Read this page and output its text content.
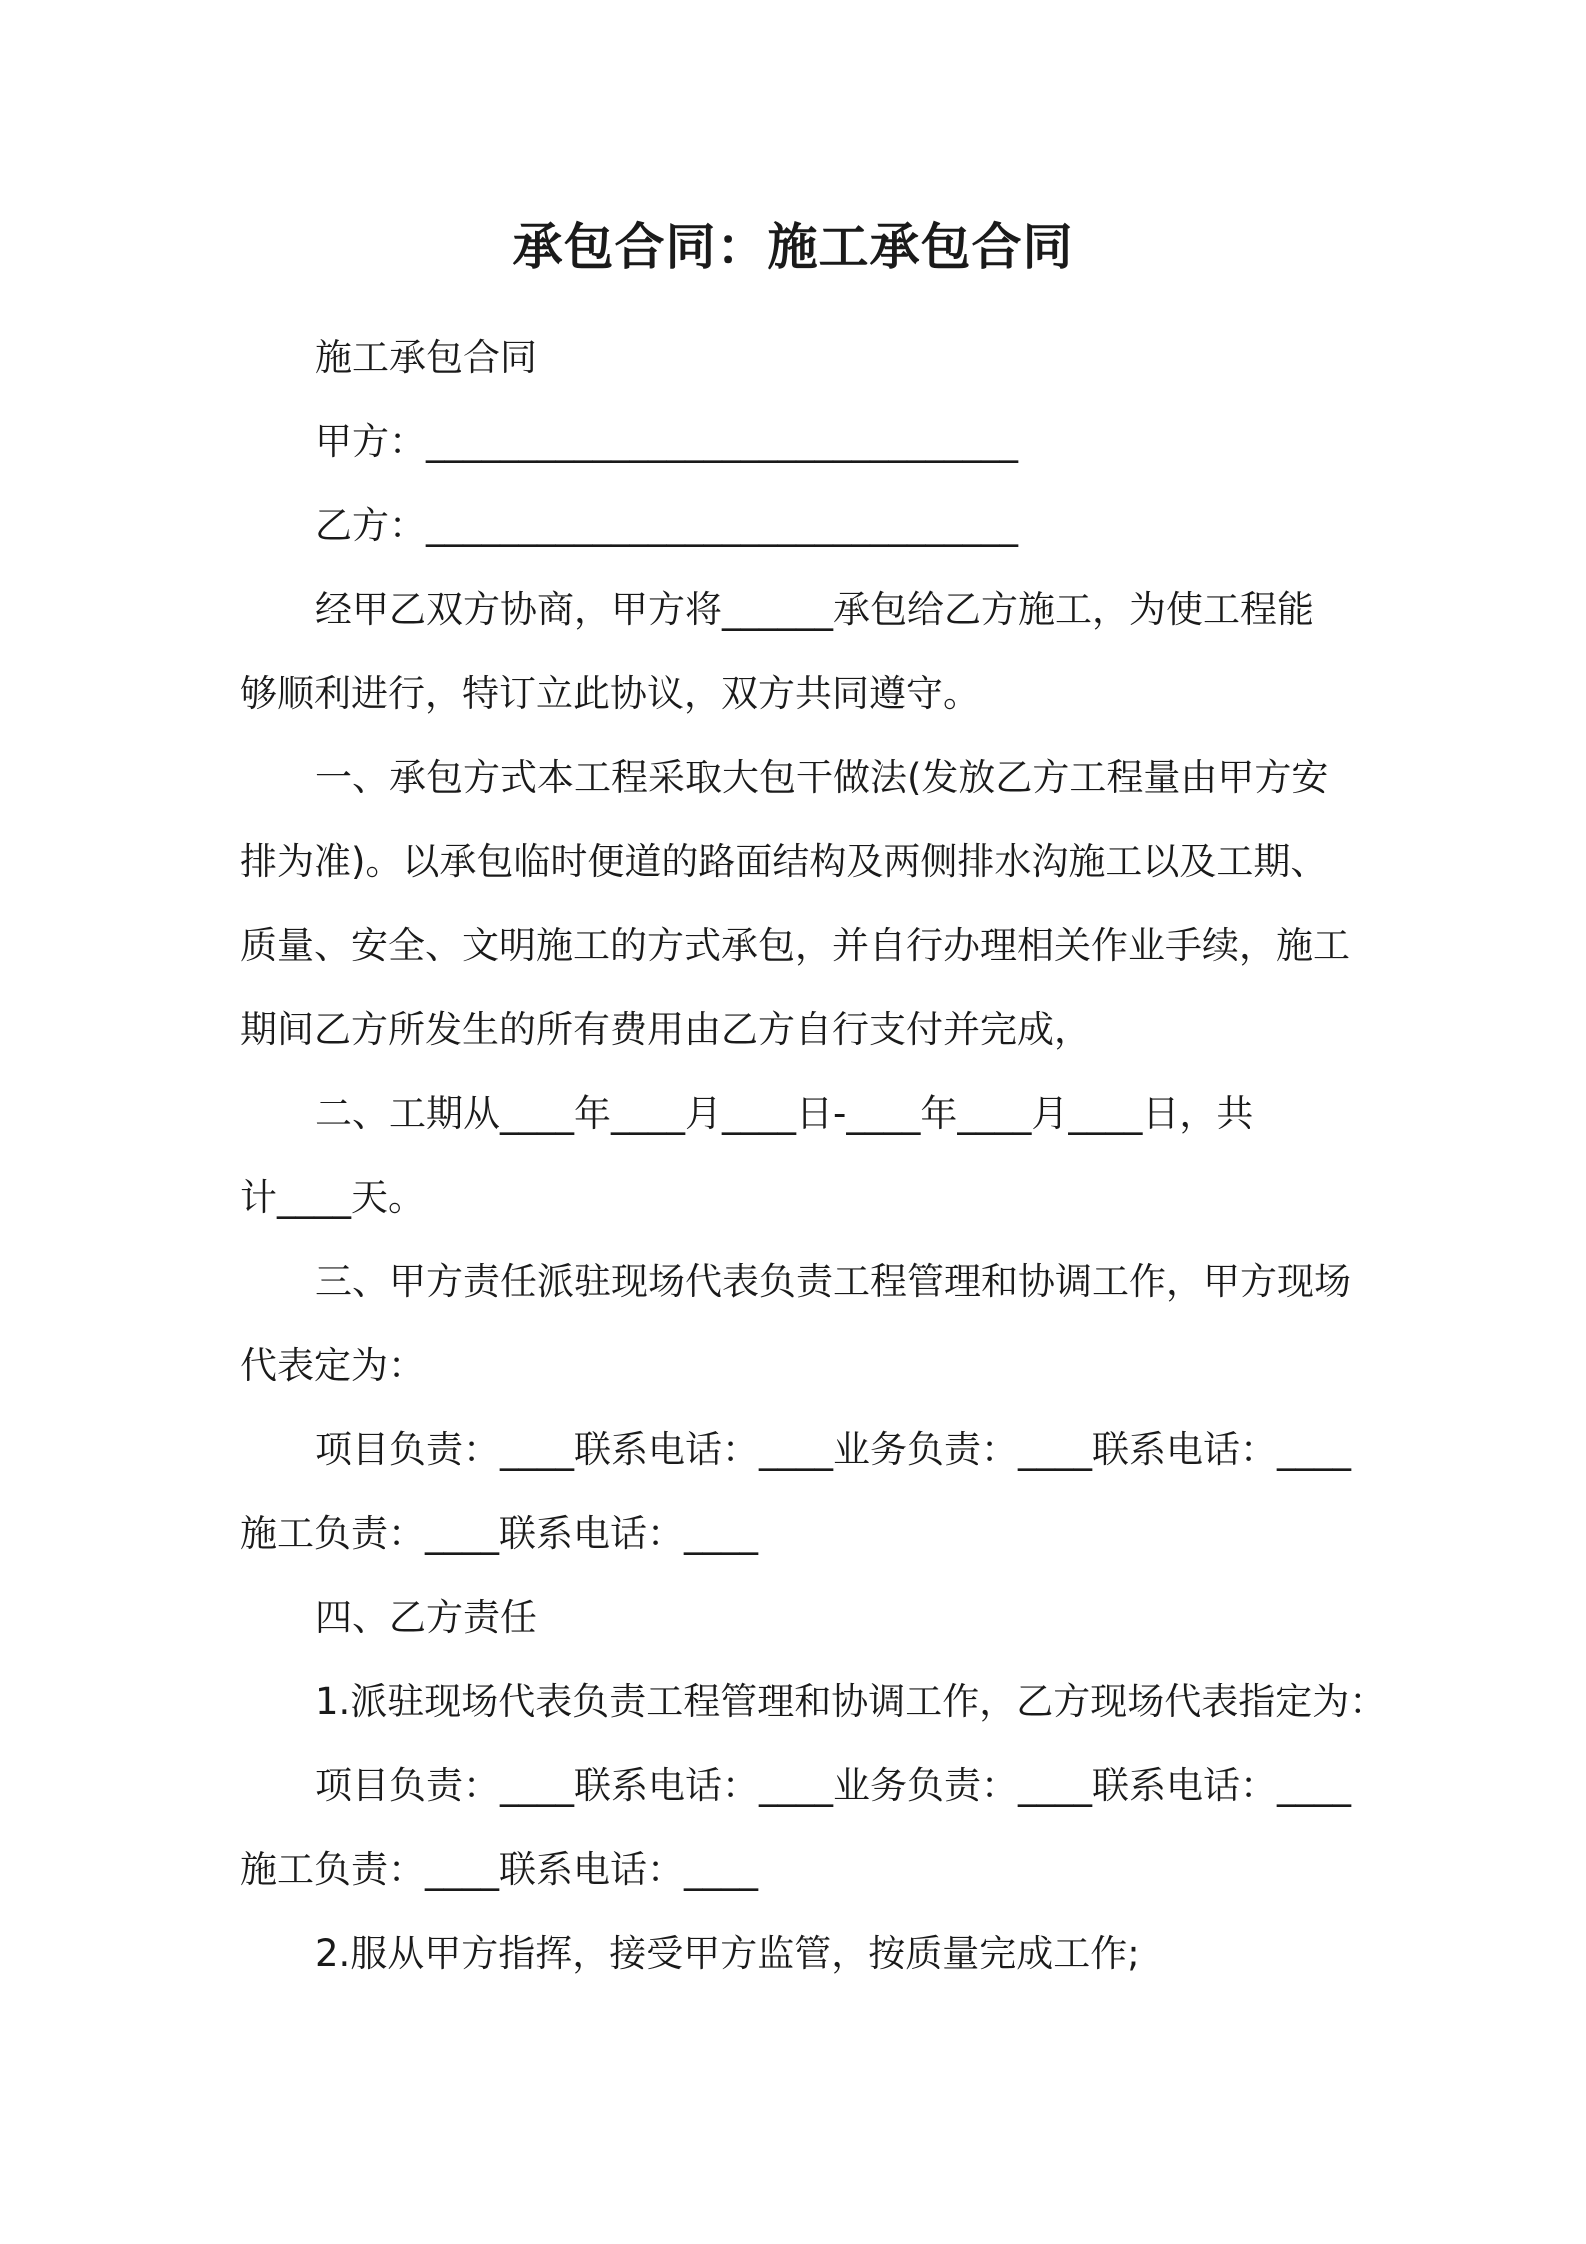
承包合同：施工承包合同

施工承包合同

甲方：________________________________

乙方：________________________________

经甲乙双方协商，甲方将______承包给乙方施工，为使工程能

够顺利进行，特订立此协议，双方共同遵守。

一、承包方式本工程采取大包干做法(发放乙方工程量由甲方安

排为准)。以承包临时便道的路面结构及两侧排水沟施工以及工期、

质量、安全、文明施工的方式承包，并自行办理相关作业手续，施工

期间乙方所发生的所有费用由乙方自行支付并完成，

二、工期从____年____月____日-____年____月____日，共

计____天。

三、甲方责任派驻现场代表负责工程管理和协调工作，甲方现场

代表定为：

项目负责：____联系电话：____业务负责：____联系电话：____

施工负责：____联系电话：____

四、乙方责任

1.派驻现场代表负责工程管理和协调工作，乙方现场代表指定为：

项目负责：____联系电话：____业务负责：____联系电话：____

施工负责：____联系电话：____

2.服从甲方指挥，接受甲方监管，按质量完成工作;
